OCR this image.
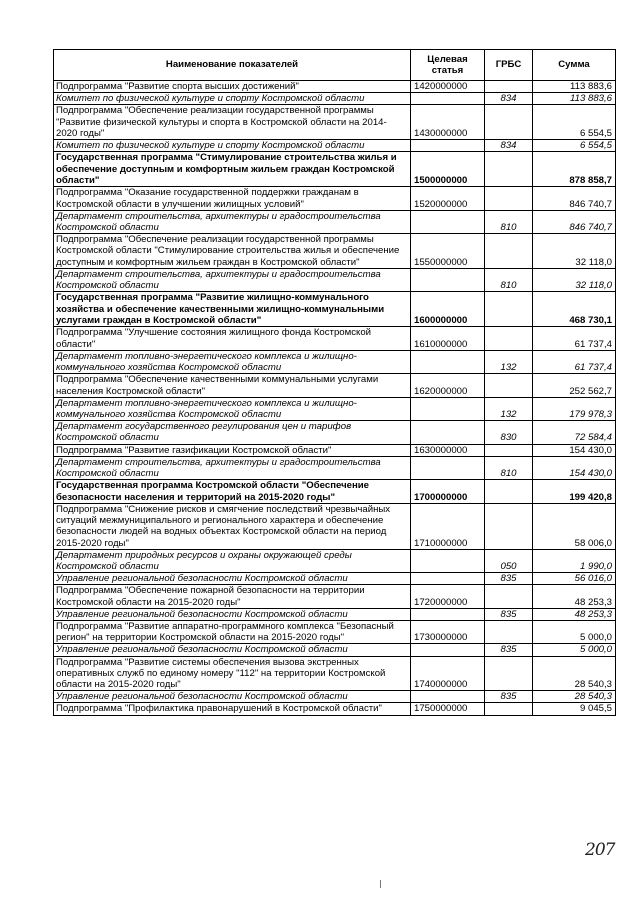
Наименование показателей	Целевая статья	ГРБС	Сумма
Подпрограмма "Развитие спорта высших достижений"	1420000000		113 883,6
Комитет по физической культуре и спорту Костромской области		834	113 883,6
Подпрограмма "Обеспечение реализации государственной программы "Развитие физической культуры и спорта в Костромской области на 2014-2020 годы"	1430000000		6 554,5
Комитет по физической культуре и спорту Костромской области		834	6 554,5
Государственная программа "Стимулирование строительства жилья и обеспечение доступным и комфортным жильем граждан Костромской области"	1500000000		878 858,7
Подпрограмма "Оказание государственной поддержки гражданам в Костромской области в улучшении жилищных условий"	1520000000		846 740,7
Департамент строительства, архитектуры и градостроительства Костромской области		810	846 740,7
Подпрограмма "Обеспечение реализации государственной программы Костромской области "Стимулирование строительства жилья и обеспечение доступным и комфортным жильем граждан в Костромской области"	1550000000		32 118,0
Департамент строительства, архитектуры и градостроительства Костромской области		810	32 118,0
Государственная программа "Развитие жилищно-коммунального хозяйства и обеспечение качественными жилищно-коммунальными услугами граждан в Костромской области"	1600000000		468 730,1
Подпрограмма "Улучшение состояния жилищного фонда Костромской области"	1610000000		61 737,4
Департамент топливно-энергетического комплекса и жилищно-коммунального хозяйства Костромской области		132	61 737,4
Подпрограмма "Обеспечение качественными коммунальными услугами населения Костромской области"	1620000000		252 562,7
Департамент топливно-энергетического комплекса и жилищно-коммунального хозяйства Костромской области		132	179 978,3
Департамент государственного регулирования цен и тарифов Костромской области		830	72 584,4
Подпрограмма "Развитие газификации Костромской области"	1630000000		154 430,0
Департамент строительства, архитектуры и градостроительства Костромской области		810	154 430,0
Государственная программа Костромской области "Обеспечение безопасности населения и территорий на 2015-2020 годы"	1700000000		199 420,8
Подпрограмма "Снижение рисков и смягчение последствий чрезвычайных ситуаций межмуниципального и регионального характера и обеспечение безопасности людей на водных объектах Костромской области на период 2015-2020 годы"	1710000000		58 006,0
Департамент природных ресурсов и охраны окружающей среды Костромской области		050	1 990,0
Управление региональной безопасности Костромской области		835	56 016,0
Подпрограмма "Обеспечение пожарной безопасности на территории Костромской области на 2015-2020 годы"	1720000000		48 253,3
Управление региональной безопасности Костромской области		835	48 253,3
Подпрограмма "Развитие аппаратно-программного комплекса "Безопасный регион" на территории Костромской области на 2015-2020 годы"	1730000000		5 000,0
Управление региональной безопасности Костромской области		835	5 000,0
Подпрограмма "Развитие системы обеспечения вызова экстренных оперативных служб по единому номеру "112" на территории Костромской области на 2015-2020 годы"	1740000000		28 540,3
Управление региональной безопасности Костромской области		835	28 540,3
Подпрограмма "Профилактика правонарушений в Костромской области"	1750000000		9 045,5
207
